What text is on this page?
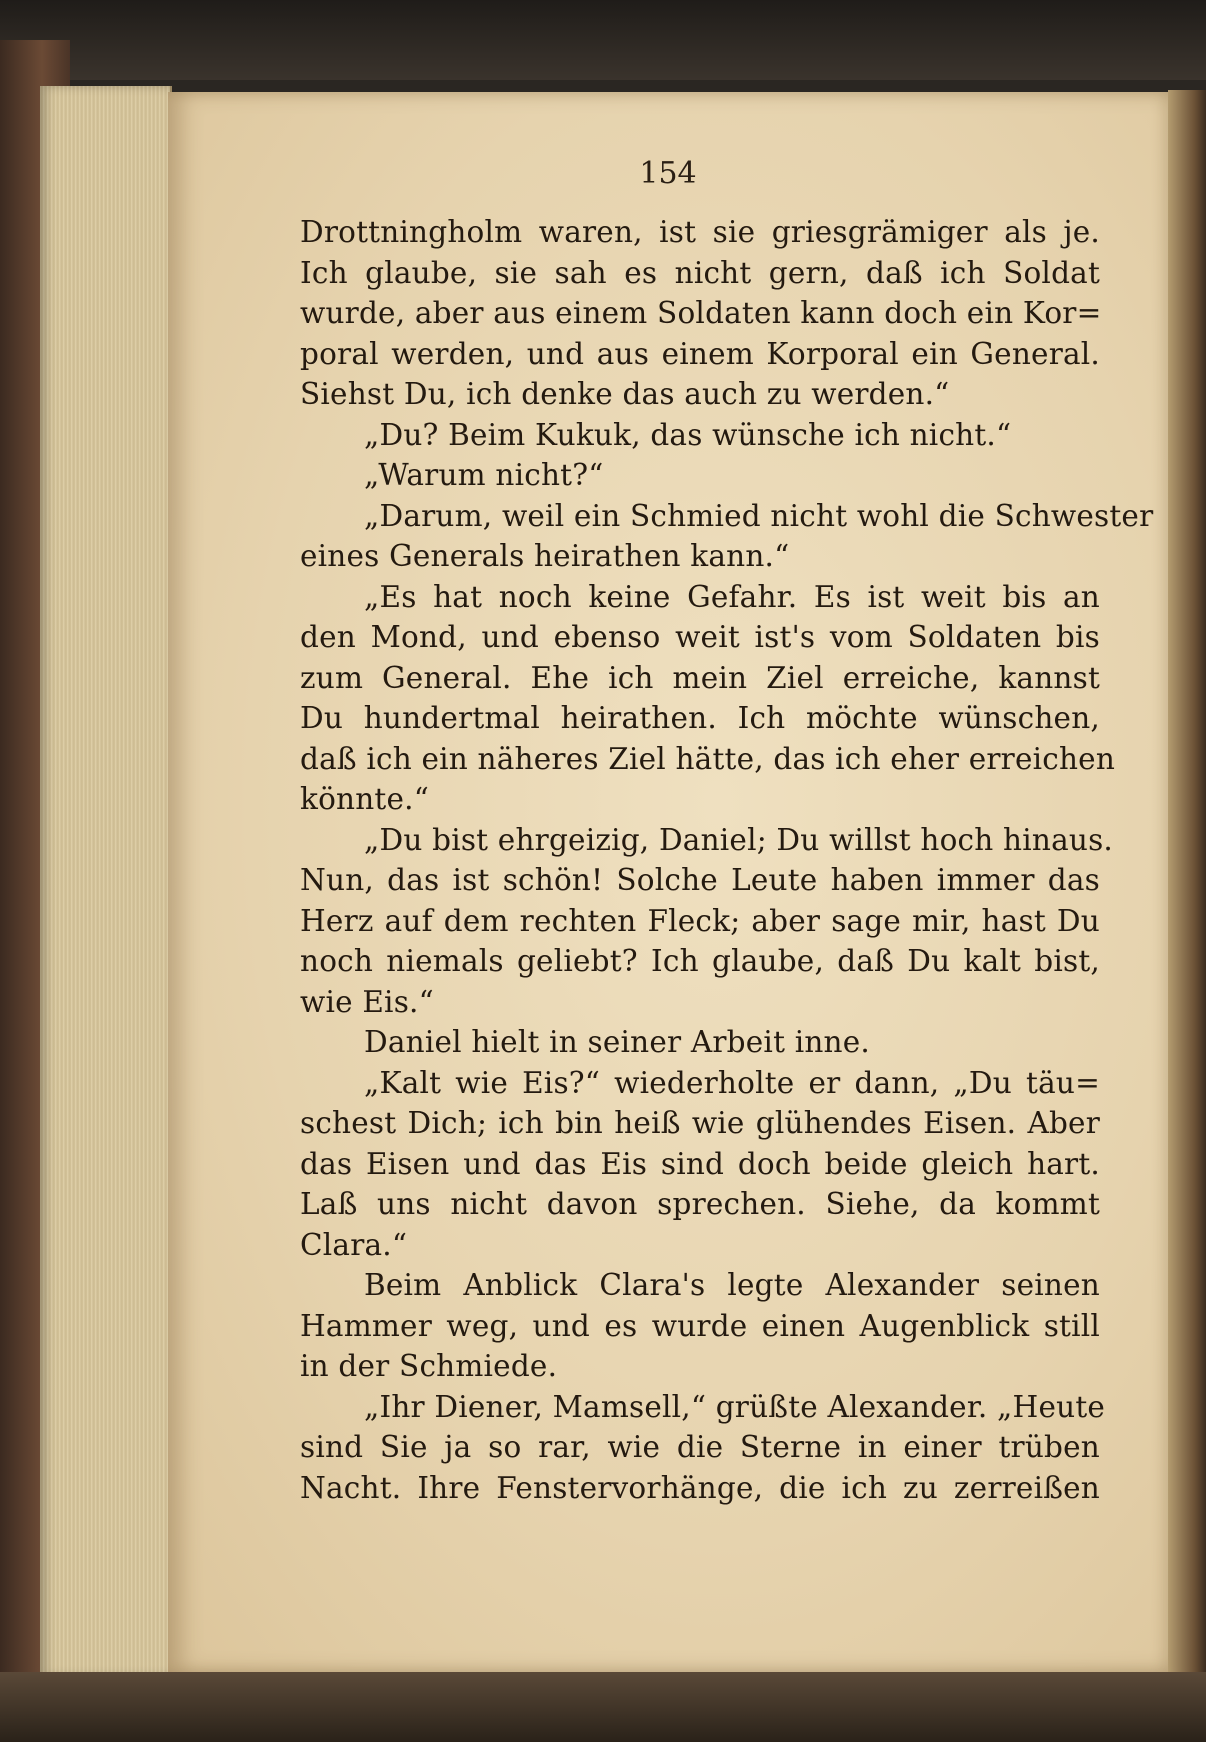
154
Drottningholm waren, ist sie griesgrämiger als je.
Ich glaube, sie sah es nicht gern, daß ich Soldat
wurde, aber aus einem Soldaten kann doch ein Kor=
poral werden, und aus einem Korporal ein General.
Siehst Du, ich denke das auch zu werden.“
„Du? Beim Kukuk, das wünsche ich nicht.“
„Warum nicht?“
„Darum, weil ein Schmied nicht wohl die Schwester
eines Generals heirathen kann.“
„Es hat noch keine Gefahr. Es ist weit bis an
den Mond, und ebenso weit ist's vom Soldaten bis
zum General. Ehe ich mein Ziel erreiche, kannst
Du hundertmal heirathen. Ich möchte wünschen,
daß ich ein näheres Ziel hätte, das ich eher erreichen
könnte.“
„Du bist ehrgeizig, Daniel; Du willst hoch hinaus.
Nun, das ist schön! Solche Leute haben immer das
Herz auf dem rechten Fleck; aber sage mir, hast Du
noch niemals geliebt? Ich glaube, daß Du kalt bist,
wie Eis.“
Daniel hielt in seiner Arbeit inne.
„Kalt wie Eis?“ wiederholte er dann, „Du täu=
schest Dich; ich bin heiß wie glühendes Eisen. Aber
das Eisen und das Eis sind doch beide gleich hart.
Laß uns nicht davon sprechen. Siehe, da kommt
Clara.“
Beim Anblick Clara's legte Alexander seinen
Hammer weg, und es wurde einen Augenblick still
in der Schmiede.
„Ihr Diener, Mamsell,“ grüßte Alexander. „Heute
sind Sie ja so rar, wie die Sterne in einer trüben
Nacht. Ihre Fenstervorhänge, die ich zu zerreißen
